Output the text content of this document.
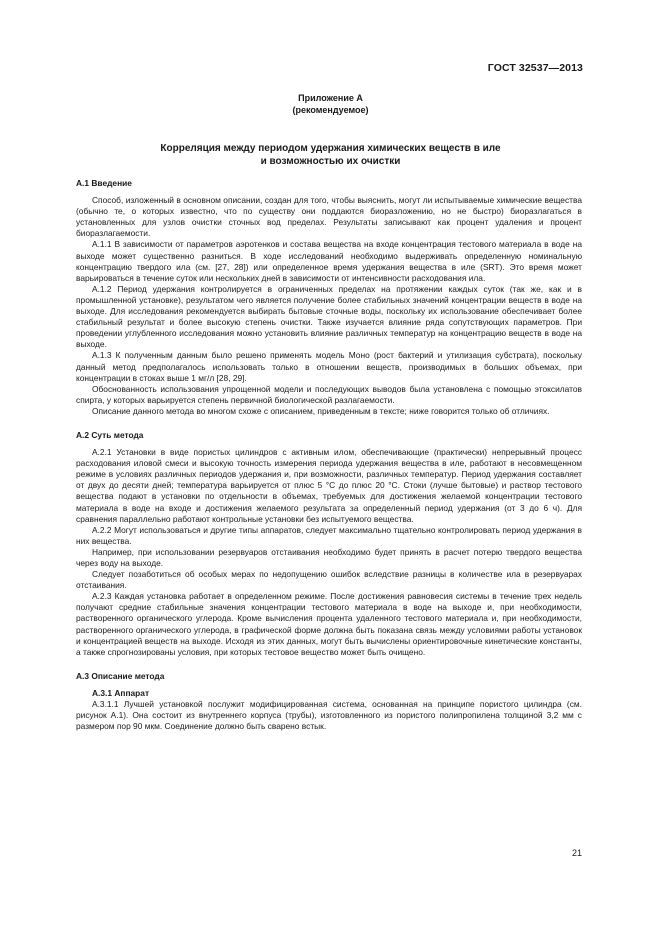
ГОСТ 32537—2013
Приложение А
(рекомендуемое)
Корреляция между периодом удержания химических веществ в иле
и возможностью их очистки
А.1 Введение

Способ, изложенный в основном описании, создан для того, чтобы выяснить, могут ли испытываемые химические вещества (обычно те, о которых известно, что по существу они поддаются биоразложению, но не быстро) биоразлагаться в установленных для узлов очистки сточных вод пределах. Результаты записывают как процент удаления и процент биоразлагаемости.

А.1.1 В зависимости от параметров аэротенков и состава вещества на входе концентрация тестового материала в воде на выходе может существенно разниться. В ходе исследований необходимо выдерживать определенную номинальную концентрацию твердого ила (см. [27, 28]) или определенное время удержания вещества в иле (SRT). Это время может варьироваться в течение суток или нескольких дней в зависимости от интенсивности расходования ила.

А.1.2 Период удержания контролируется в ограниченных пределах на протяжении каждых суток (так же, как и в промышленной установке), результатом чего является получение более стабильных значений концентрации веществ в воде на выходе. Для исследования рекомендуется выбирать бытовые сточные воды, поскольку их использование обеспечивает более стабильный результат и более высокую степень очистки. Также изучается влияние ряда сопутствующих параметров. При проведении углубленного исследования можно установить влияние различных температур на концентрацию веществ в воде на выходе.

А.1.3 К полученным данным было решено применять модель Моно (рост бактерий и утилизация субстрата), поскольку данный метод предполагалось использовать только в отношении веществ, производимых в больших объемах, при концентрации в стоках выше 1 мг/л [28, 29].

Обоснованность использования упрощенной модели и последующих выводов была установлена с помощью этоксилатов спирта, у которых варьируется степень первичной биологической разлагаемости.

Описание данного метода во многом схоже с описанием, приведенным в тексте; ниже говорится только об отличиях.

А.2 Суть метода

А.2.1 Установки в виде пористых цилиндров с активным илом, обеспечивающие (практически) непрерывный процесс расходования иловой смеси и высокую точность измерения периода удержания вещества в иле, работают в несовмещенном режиме в условиях различных периодов удержания и, при возможности, различных температур. Период удержания составляет от двух до десяти дней; температура варьируется от плюс 5 °С до плюс 20 °С. Стоки (лучше бытовые) и раствор тестового вещества подают в установки по отдельности в объемах, требуемых для достижения желаемой концентрации тестового материала в воде на входе и достижения желаемого результата за определенный период удержания (от 3 до 6 ч). Для сравнения параллельно работают контрольные установки без испытуемого вещества.

А.2.2 Могут использоваться и другие типы аппаратов, следует максимально тщательно контролировать период удержания в них вещества.

Например, при использовании резервуаров отстаивания необходимо будет принять в расчет потерю твердого вещества через воду на выходе.

Следует позаботиться об особых мерах по недопущению ошибок вследствие разницы в количестве ила в резервуарах отстаивания.

А.2.3 Каждая установка работает в определенном режиме. После достижения равновесия системы в течение трех недель получают средние стабильные значения концентрации тестового материала в воде на выходе и, при необходимости, растворенного органического углерода. Кроме вычисления процента удаленного тестового материала и, при необходимости, растворенного органического углерода, в графической форме должна быть показана связь между условиями работы установок и концентрацией веществ на выходе. Исходя из этих данных, могут быть вычислены ориентировочные кинетические константы, а также спрогнозированы условия, при которых тестовое вещество может быть очищено.

А.3 Описание метода
А.3.1 Аппарат

А.3.1.1 Лучшей установкой послужит модифицированная система, основанная на принципе пористого цилиндра (см. рисунок А.1). Она состоит из внутреннего корпуса (трубы), изготовленного из пористого полипропилена толщиной 3,2 мм с размером пор 90 мкм. Соединение должно быть сварено встык.

21
